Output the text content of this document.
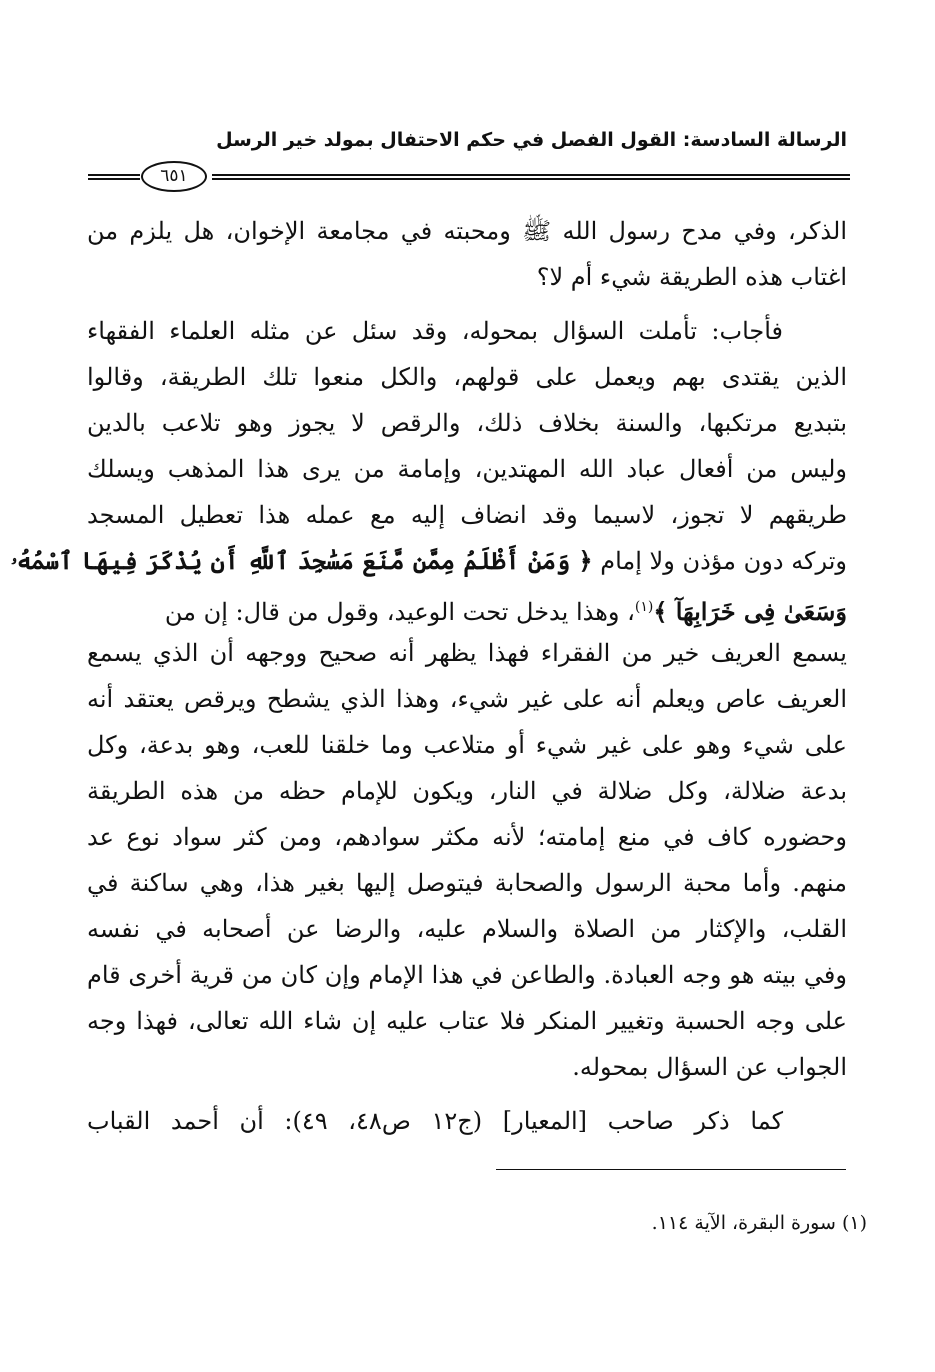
الرسالة السادسة: القول الفصل في حكم الاحتفال بمولد خير الرسل
٦٥١
الذكر، وفي مدح رسول الله ﷺ ومحبته في مجامعة الإخوان، هل يلزم من
اغتاب هذه الطريقة شيء أم لا؟
فأجاب: تأملت السؤال بمحوله، وقد سئل عن مثله العلماء الفقهاء
الذين يقتدى بهم ويعمل على قولهم، والكل منعوا تلك الطريقة، وقالوا
بتبديع مرتكبها، والسنة بخلاف ذلك، والرقص لا يجوز وهو تلاعب بالدين
وليس من أفعال عباد الله المهتدين، وإمامة من يرى هذا المذهب ويسلك
طريقهم لا تجوز، لاسيما وقد انضاف إليه مع عمله هذا تعطيل المسجد
وتركه دون مؤذن ولا إمام ﴿ وَمَنْ أَظْلَمُ مِمَّن مَّنَعَ مَسَٰجِدَ ٱللَّهِ أَن يُذْكَرَ فِيهَا ٱسْمُهُۥ
وَسَعَىٰ فِى خَرَابِهَآ ﴾$^{(١)}$، وهذا يدخل تحت الوعيد، وقول من قال: إن من
يسمع العريف خير من الفقراء فهذا يظهر أنه صحيح ووجهه أن الذي يسمع
العريف عاص ويعلم أنه على غير شيء، وهذا الذي يشطح ويرقص يعتقد أنه
على شيء وهو على غير شيء أو متلاعب وما خلقنا للعب، وهو بدعة، وكل
بدعة ضلالة، وكل ضلالة في النار، ويكون للإمام حظه من هذه الطريقة
وحضوره كاف في منع إمامته؛ لأنه مكثر سوادهم، ومن كثر سواد نوع عد
منهم. وأما محبة الرسول والصحابة فيتوصل إليها بغير هذا، وهي ساكنة في
القلب، والإكثار من الصلاة والسلام عليه، والرضا عن أصحابه في نفسه
وفي بيته هو وجه العبادة. والطاعن في هذا الإمام وإن كان من قرية أخرى قام
على وجه الحسبة وتغيير المنكر فلا عتاب عليه إن شاء الله تعالى، فهذا وجه
الجواب عن السؤال بمحوله.
كما ذكر صاحب [المعيار] (ج١٢ ص٤٨، ٤٩): أن أحمد القباب
(١) سورة البقرة، الآية ١١٤.
